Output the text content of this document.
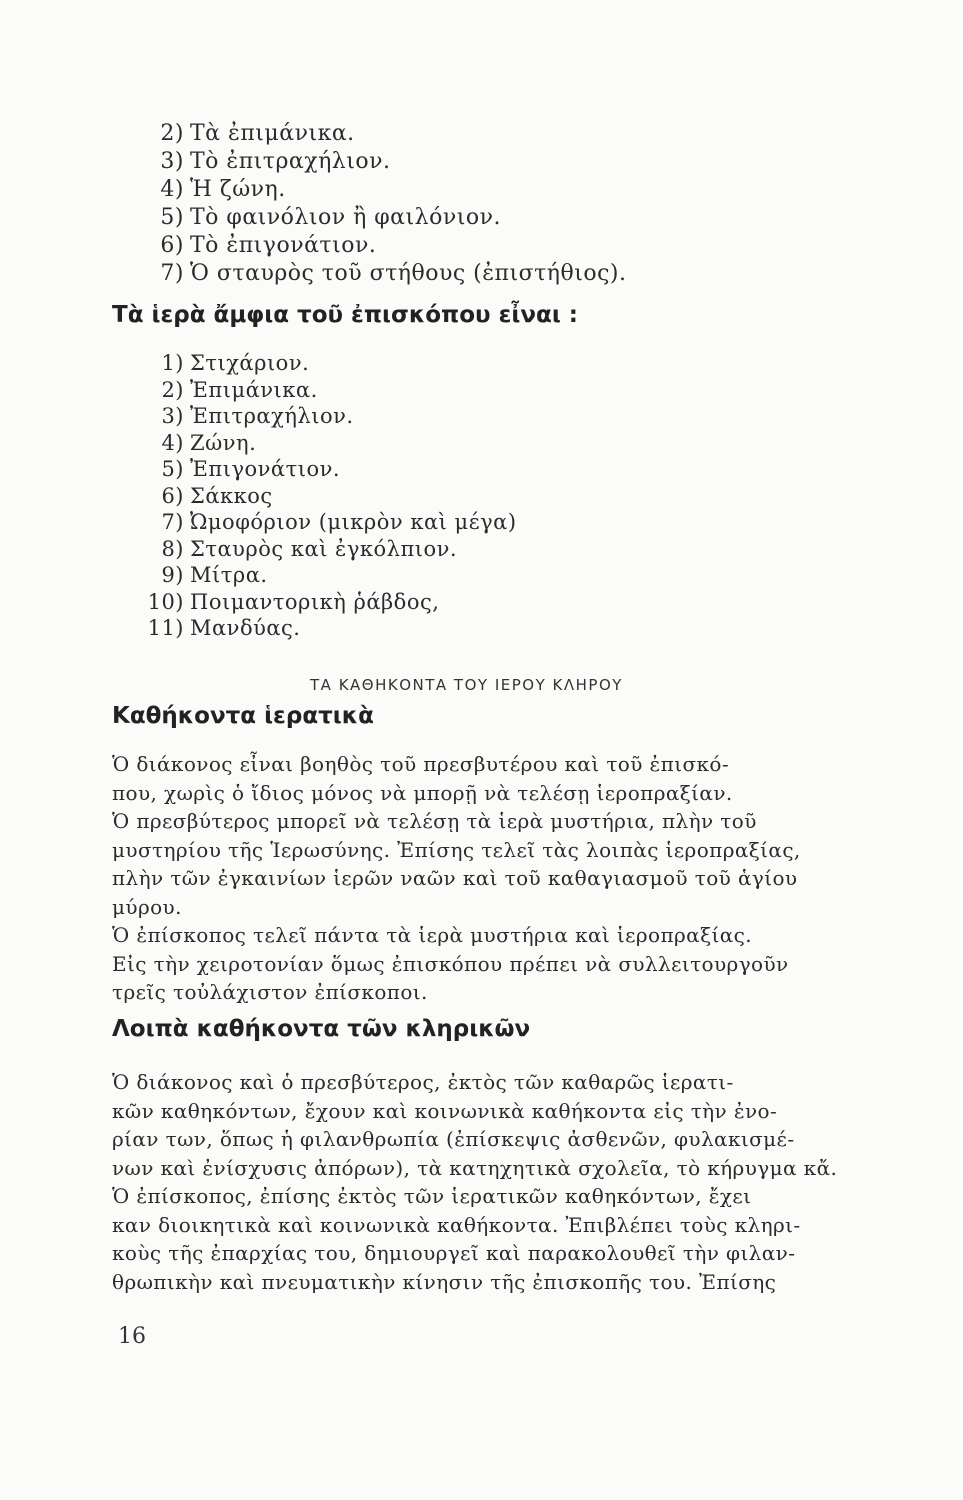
2) Τὰ ἐπιμάνικα.
3) Τὸ ἐπιτραχήλιον.
4) Ἡ ζώνη.
5) Τὸ φαινόλιον ἢ φαιλόνιον.
6) Τὸ ἐπιγονάτιον.
7) Ὁ σταυρὸς τοῦ στήθους (ἐπιστήθιος).
Τὰ ἱερὰ ἄμφια τοῦ ἐπισκόπου εἶναι :
1) Στιχάριον.
2) Ἐπιμάνικα.
3) Ἐπιτραχήλιον.
4) Ζώνη.
5) Ἐπιγονάτιον.
6) Σάκκος
7) Ὠμοφόριον (μικρὸν καὶ μέγα)
8) Σταυρὸς καὶ ἐγκόλπιον.
9) Μίτρα.
10) Ποιμαντορικὴ ῥάβδος,
11) Μανδύας.
ΤΑ ΚΑΘΗΚΟΝΤΑ ΤΟΥ ΙΕΡΟΥ ΚΛΗΡΟΥ
Καθήκοντα ἱερατικὰ
Ὁ διάκονος εἶναι βοηθὸς τοῦ πρεσβυτέρου καὶ τοῦ ἐπισκό-
που, χωρὶς ὁ ἴδιος μόνος νὰ μπορῇ νὰ τελέσῃ ἱεροπραξίαν.
Ὁ πρεσβύτερος μπορεῖ νὰ τελέσῃ τὰ ἱερὰ μυστήρια, πλὴν τοῦ
μυστηρίου τῆς Ἱερωσύνης. Ἐπίσης τελεῖ τὰς λοιπὰς ἱεροπραξίας,
πλὴν τῶν ἐγκαινίων ἱερῶν ναῶν καὶ τοῦ καθαγιασμοῦ τοῦ ἁγίου
μύρου.
Ὁ ἐπίσκοπος τελεῖ πάντα τὰ ἱερὰ μυστήρια καὶ ἱεροπραξίας.
Εἰς τὴν χειροτονίαν ὅμως ἐπισκόπου πρέπει νὰ συλλειτουργοῦν
τρεῖς τοὐλάχιστον ἐπίσκοποι.
Λοιπὰ καθήκοντα τῶν κληρικῶν
Ὁ διάκονος καὶ ὁ πρεσβύτερος, ἐκτὸς τῶν καθαρῶς ἱερατι-
κῶν καθηκόντων, ἔχουν καὶ κοινωνικὰ καθήκοντα εἰς τὴν ἐνο-
ρίαν των, ὅπως ἡ φιλανθρωπία (ἐπίσκεψις ἀσθενῶν, φυλακισμέ-
νων καὶ ἐνίσχυσις ἀπόρων), τὰ κατηχητικὰ σχολεῖα, τὸ κήρυγμα κἄ.
Ὁ ἐπίσκοπος, ἐπίσης ἐκτὸς τῶν ἱερατικῶν καθηκόντων, ἔχει
καν διοικητικὰ καὶ κοινωνικὰ καθήκοντα. Ἐπιβλέπει τοὺς κληρι-
κοὺς τῆς ἐπαρχίας του, δημιουργεῖ καὶ παρακολουθεῖ τὴν φιλαν-
θρωπικὴν καὶ πνευματικὴν κίνησιν τῆς ἐπισκοπῆς του. Ἐπίσης
16
